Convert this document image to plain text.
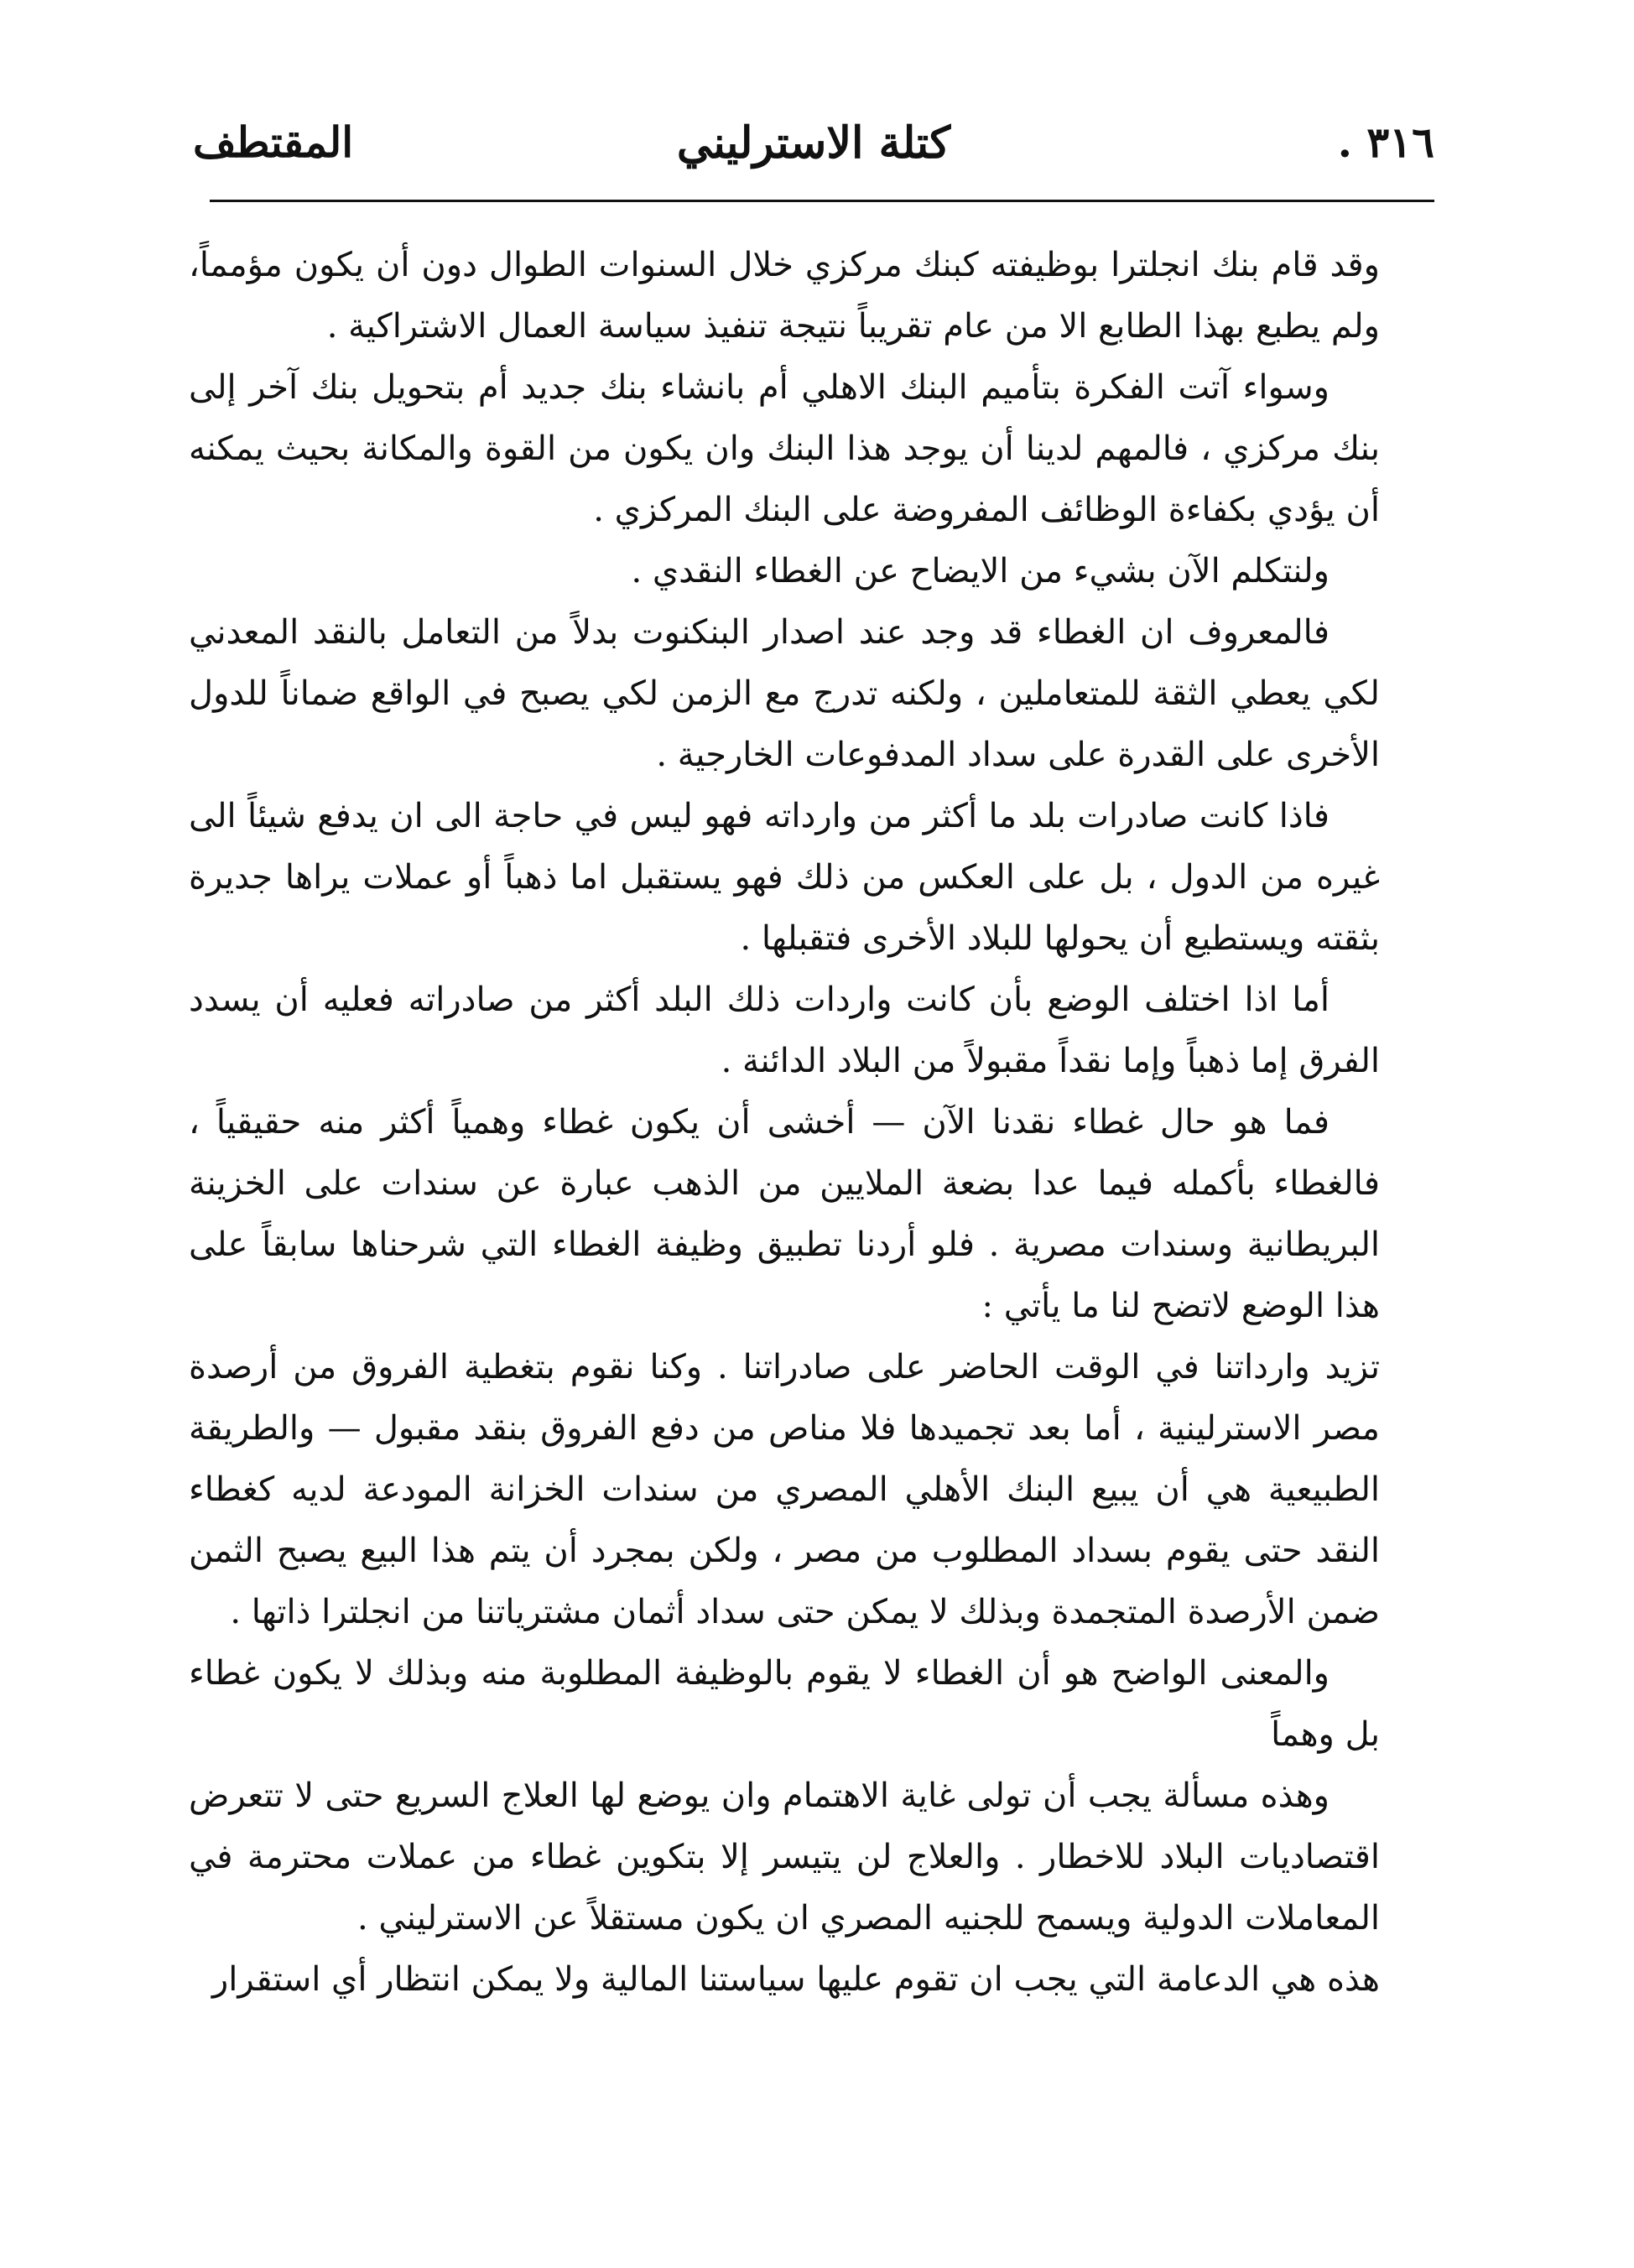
٣١٦ .
كتلة الاسترليني
المقتطف

وقد قام بنك انجلترا بوظيفته كبنك مركزي خلال السنوات الطوال دون أن يكون مؤمماً، ولم يطبع بهذا الطابع الا من عام تقريباً نتيجة تنفيذ سياسة العمال الاشتراكية .

وسواء آتت الفكرة بتأميم البنك الاهلي أم بانشاء بنك جديد أم بتحويل بنك آخر إلى بنك مركزي ، فالمهم لدينا أن يوجد هذا البنك وان يكون من القوة والمكانة بحيث يمكنه أن يؤدي بكفاءة الوظائف المفروضة على البنك المركزي .

ولنتكلم الآن بشيء من الايضاح عن الغطاء النقدي .

فالمعروف ان الغطاء قد وجد عند اصدار البنكنوت بدلاً من التعامل بالنقد المعدني لكي يعطي الثقة للمتعاملين ، ولكنه تدرج مع الزمن لكي يصبح في الواقع ضماناً للدول الأخرى على القدرة على سداد المدفوعات الخارجية .

فاذا كانت صادرات بلد ما أكثر من وارداته فهو ليس في حاجة الى ان يدفع شيئاً الى غيره من الدول ، بل على العكس من ذلك فهو يستقبل اما ذهباً أو عملات يراها جديرة بثقته ويستطيع أن يحولها للبلاد الأخرى فتقبلها .

أما اذا اختلف الوضع بأن كانت واردات ذلك البلد أكثر من صادراته فعليه أن يسدد الفرق إما ذهباً وإما نقداً مقبولاً من البلاد الدائنة .

فما هو حال غطاء نقدنا الآن — أخشى أن يكون غطاء وهمياً أكثر منه حقيقياً ، فالغطاء بأكمله فيما عدا بضعة الملايين من الذهب عبارة عن سندات على الخزينة البريطانية وسندات مصرية . فلو أردنا تطبيق وظيفة الغطاء التي شرحناها سابقاً على هذا الوضع لاتضح لنا ما يأتي :

تزيد وارداتنا في الوقت الحاضر على صادراتنا . وكنا نقوم بتغطية الفروق من أرصدة مصر الاسترلينية ، أما بعد تجميدها فلا مناص من دفع الفروق بنقد مقبول — والطريقة الطبيعية هي أن يبيع البنك الأهلي المصري من سندات الخزانة المودعة لديه كغطاء النقد حتى يقوم بسداد المطلوب من مصر ، ولكن بمجرد أن يتم هذا البيع يصبح الثمن ضمن الأرصدة المتجمدة وبذلك لا يمكن حتى سداد أثمان مشترياتنا من انجلترا ذاتها .

والمعنى الواضح هو أن الغطاء لا يقوم بالوظيفة المطلوبة منه وبذلك لا يكون غطاء بل وهماً

وهذه مسألة يجب أن تولى غاية الاهتمام وان يوضع لها العلاج السريع حتى لا تتعرض اقتصاديات البلاد للاخطار . والعلاج لن يتيسر إلا بتكوين غطاء من عملات محترمة في المعاملات الدولية ويسمح للجنيه المصري ان يكون مستقلاً عن الاسترليني .

هذه هي الدعامة التي يجب ان تقوم عليها سياستنا المالية ولا يمكن انتظار أي استقرار
